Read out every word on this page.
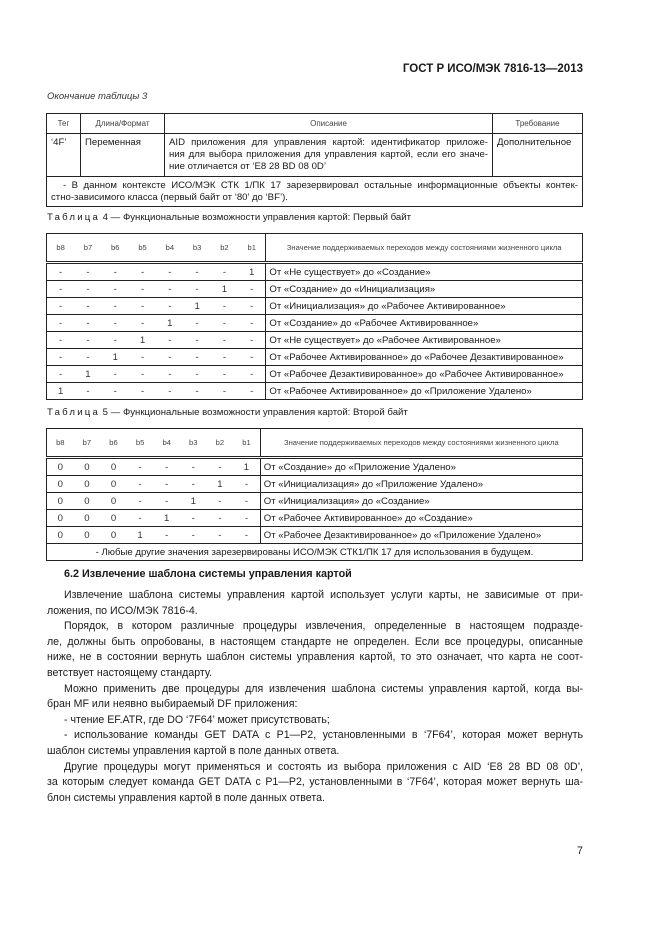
ГОСТ Р ИСО/МЭК 7816-13—2013
Окончание таблицы 3
Тег	Длина/Формат	Описание	Требование
‘4F’	Переменная	AID приложения для управления картой: идентификатор приложе-
ния для выбора приложения для управления картой, если его значе-
ние отличается от ‘E8 28 BD 08 0D’	Дополнительное

- В данном контексте ИСО/МЭК СТК 1/ПК 17 зарезервировал остальные информационные объекты контек-
стно-зависимого класса (первый байт от ‘80’ до ‘BF’).			
Таблица 4 — Функциональные возможности управления картой: Первый байт
b8	b7	b6	b5	b4	b3	b2	b1	Значение поддерживаемых переходов между состояниями жизненного цикла
-	-	-	-	-	-	-	1	От «Не существует» до «Создание»
-	-	-	-	-	-	1	-	От «Создание» до «Инициализация»
-	-	-	-	-	1	-	-	От «Инициализация» до «Рабочее Активированное»
-	-	-	-	1	-	-	-	От «Создание» до «Рабочее Активированное»
-	-	-	1	-	-	-	-	От «Не существует» до «Рабочее Активированное»
-	-	1	-	-	-	-	-	От «Рабочее Активированное» до «Рабочее Дезактивированное»
-	1	-	-	-	-	-	-	От «Рабочее Дезактивированное» до «Рабочее Активированное»
1	-	-	-	-	-	-	-	От «Рабочее Активированное» до «Приложение Удалено»
Таблица 5 — Функциональные возможности управления картой: Второй байт
b8	b7	b6	b5	b4	b3	b2	b1	Значение поддерживаемых переходов между состояниями жизненного цикла
0	0	0	-	-	-	-	1	От «Создание» до «Приложение Удалено»
0	0	0	-	-	-	1	-	От «Инициализация» до «Приложение Удалено»
0	0	0	-	-	1	-	-	От «Инициализация» до «Создание»
0	0	0	-	1	-	-	-	От «Рабочее Активированное» до «Создание»
0	0	0	1	-	-	-	-	От «Рабочее Дезактивированное» до «Приложение Удалено»
- Любые другие значения зарезервированы ИСО/МЭК СТК1/ПК 17 для использования в будущем.								
6.2 Извлечение шаблона системы управления картой
Извлечение шаблона системы управления картой использует услуги карты, не зависимые от при-
ложения, по ИСО/МЭК 7816-4.
Порядок, в котором различные процедуры извлечения, определенные в настоящем подразде-
ле, должны быть опробованы, в настоящем стандарте не определен. Если все процедуры, описанные
ниже, не в состоянии вернуть шаблон системы управления картой, то это означает, что карта не соот-
ветствует настоящему стандарту.
Можно применить две процедуры для извлечения шаблона системы управления картой, когда вы-
бран MF или неявно выбираемый DF приложения:
- чтение EF.ATR, где DO ‘7F64’ может присутствовать;
- использование команды GET DATA с P1—P2, установленными в ‘7F64’, которая может вернуть
шаблон системы управления картой в поле данных ответа.
Другие процедуры могут применяться и состоять из выбора приложения с AID ‘E8 28 BD 08 0D’,
за которым следует команда GET DATA с P1—P2, установленными в ‘7F64’, которая может вернуть ша-
блон системы управления картой в поле данных ответа.
7
